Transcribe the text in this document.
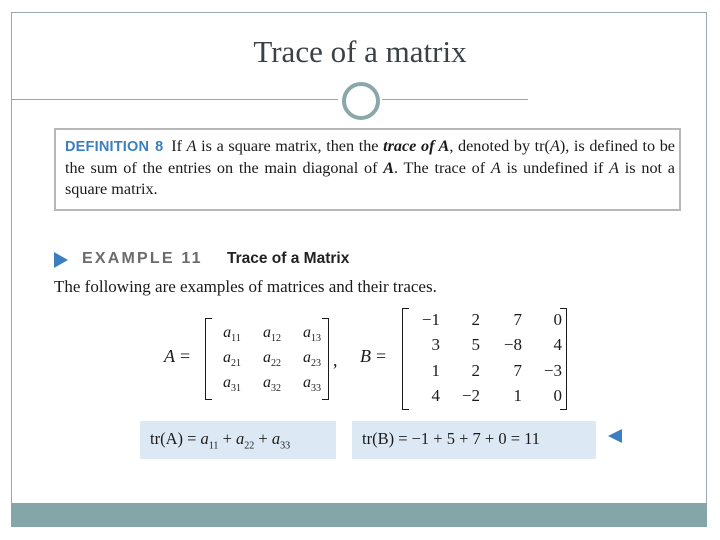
Trace of a matrix
DEFINITION 8 If A is a square matrix, then the trace of A, denoted by tr(A), is defined to be the sum of the entries on the main diagonal of A. The trace of A is undefined if A is not a square matrix.
EXAMPLE 11 Trace of a Matrix
The following are examples of matrices and their traces.
A =
$a_{11}$	$a_{12}$	$a_{13}$
$a_{21}$	$a_{22}$	$a_{23}$
$a_{31}$	$a_{32}$	$a_{33}$
, B =
−1	2	7	0
3	5	−8	4
1	2	7	−3
4	−2	1	0
$tr(A) = a_{11} + a_{22} + a_{33}$	tr(B) = −1 + 5 + 7 + 0 = 11
